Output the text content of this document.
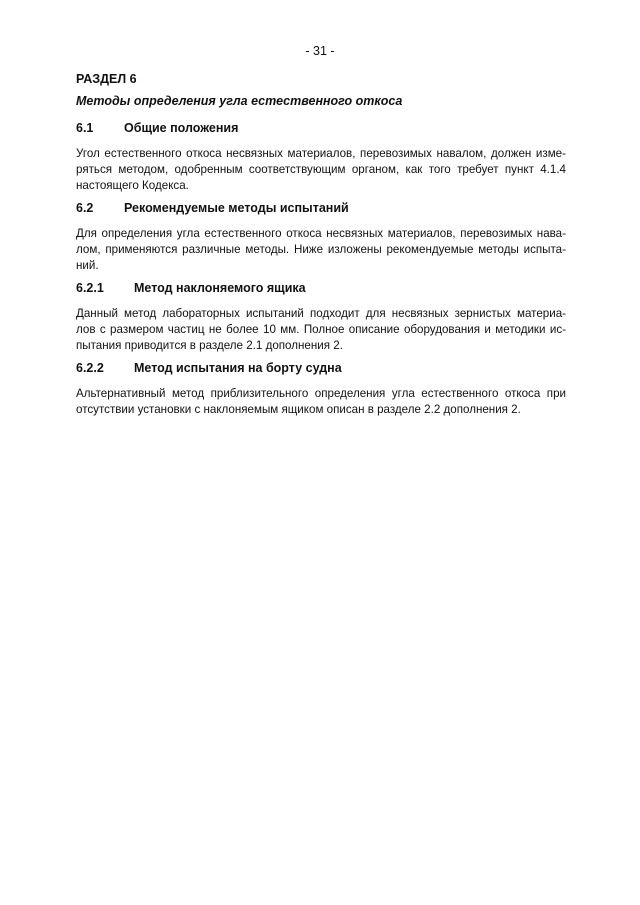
- 31 -
РАЗДЕЛ 6
Методы определения угла естественного откоса
6.1	Общие положения
Угол естественного откоса несвязных материалов, перевозимых навалом, должен изме-
ряться методом, одобренным соответствующим органом, как того требует пункт 4.1.4
настоящего Кодекса.
6.2	Рекомендуемые методы испытаний
Для определения угла естественного откоса несвязных материалов, перевозимых нава-
лом, применяются различные методы. Ниже изложены рекомендуемые методы испыта-
ний.
6.2.1	Метод наклоняемого ящика
Данный метод лабораторных испытаний подходит для несвязных зернистых материа-
лов с размером частиц не более 10 мм. Полное описание оборудования и методики ис-
пытания приводится в разделе 2.1 дополнения 2.
6.2.2	Метод испытания на борту судна
Альтернативный метод приблизительного определения угла естественного откоса при
отсутствии установки с наклоняемым ящиком описан в разделе 2.2 дополнения 2.
